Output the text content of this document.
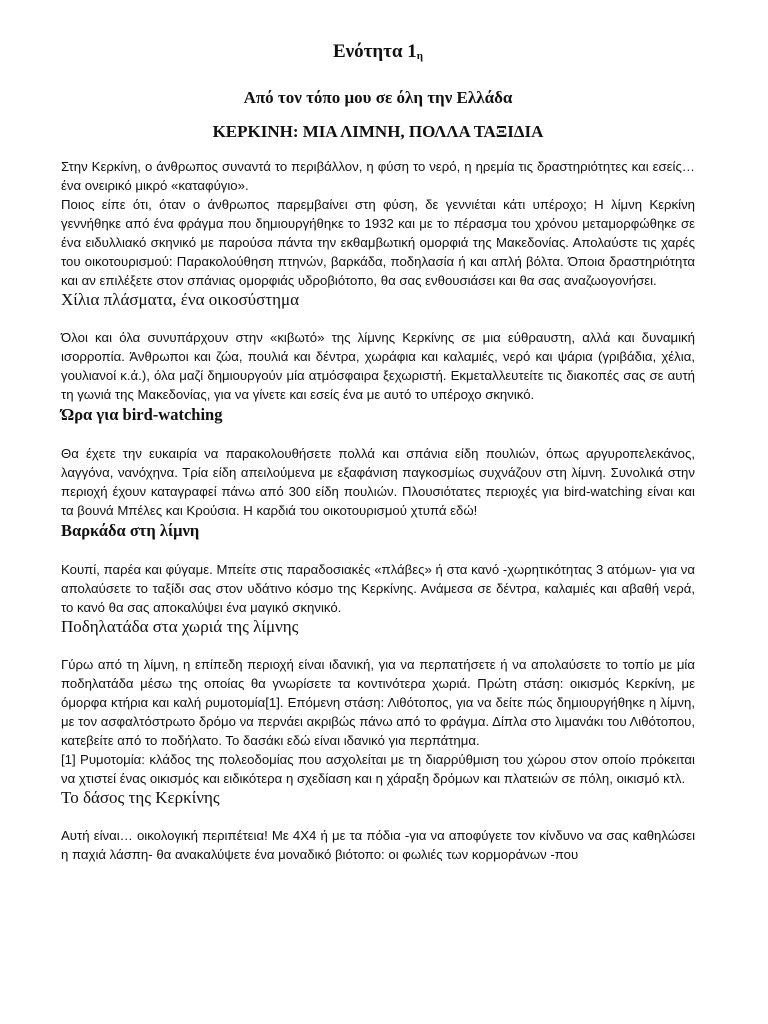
Ενότητα $1_\eta$
Από τον τόπο μου σε όλη την Ελλάδα
ΚΕΡΚΙΝΗ: ΜΙΑ ΛΙΜΝΗ, ΠΟΛΛΑ ΤΑΞΙΔΙΑ

Στην Κερκίνη, ο άνθρωπος συναντά το περιβάλλον, η φύση το νερό, η ηρεμία τις δραστηριότητες και εσείς… ένα ονειρικό μικρό «καταφύγιο».

Ποιος είπε ότι, όταν ο άνθρωπος παρεμβαίνει στη φύση, δε γεννιέται κάτι υπέροχο; Η λίμνη Κερκίνη γεννήθηκε από ένα φράγμα που δημιουργήθηκε το 1932 και με το πέρασμα του χρόνου μεταμορφώθηκε σε ένα ειδυλλιακό σκηνικό με παρούσα πάντα την εκθαμβωτική ομορφιά της Μακεδονίας. Απολαύστε τις χαρές του οικοτουρισμού: Παρακολούθηση πτηνών, βαρκάδα, ποδηλασία ή και απλή βόλτα. Όποια δραστηριότητα και αν επιλέξετε στον σπάνιας ομορφιάς υδροβιότοπο, θα σας ενθουσιάσει και θα σας αναζωογονήσει.

Χίλια πλάσματα, ένα οικοσύστημα

Όλοι και όλα συνυπάρχουν στην «κιβωτό» της λίμνης Κερκίνης σε μια εύθραυστη, αλλά και δυναμική ισορροπία. Άνθρωποι και ζώα, πουλιά και δέντρα, χωράφια και καλαμιές, νερό και ψάρια (γριβάδια, χέλια, γουλιανοί κ.ά.), όλα μαζί δημιουργούν μία ατμόσφαιρα ξεχωριστή. Εκμεταλλευτείτε τις διακοπές σας σε αυτή τη γωνιά της Μακεδονίας, για να γίνετε και εσείς ένα με αυτό το υπέροχο σκηνικό.

Ώρα για bird-watching

Θα έχετε την ευκαιρία να παρακολουθήσετε πολλά και σπάνια είδη πουλιών, όπως αργυροπελεκάνος, λαγγόνα, νανόχηνα. Τρία είδη απειλούμενα με εξαφάνιση παγκοσμίως συχνάζουν στη λίμνη. Συνολικά στην περιοχή έχουν καταγραφεί πάνω από 300 είδη πουλιών. Πλουσιότατες περιοχές για bird-watching είναι και τα βουνά Μπέλες και Κρούσια. Η καρδιά του οικοτουρισμού χτυπά εδώ!

Βαρκάδα στη λίμνη

Κουπί, παρέα και φύγαμε. Μπείτε στις παραδοσιακές «πλάβες» ή στα κανό -χωρητικότητας 3 ατόμων- για να απολαύσετε το ταξίδι σας στον υδάτινο κόσμο της Κερκίνης. Ανάμεσα σε δέντρα, καλαμιές και αβαθή νερά, το κανό θα σας αποκαλύψει ένα μαγικό σκηνικό.

Ποδηλατάδα στα χωριά της λίμνης

Γύρω από τη λίμνη, η επίπεδη περιοχή είναι ιδανική, για να περπατήσετε ή να απολαύσετε το τοπίο με μία ποδηλατάδα μέσω της οποίας θα γνωρίσετε τα κοντινότερα χωριά. Πρώτη στάση: οικισμός Κερκίνη, με όμορφα κτήρια και καλή ρυμοτομία[1]. Επόμενη στάση: Λιθότοπος, για να δείτε πώς δημιουργήθηκε η λίμνη, με τον ασφαλτόστρωτο δρόμο να περνάει ακριβώς πάνω από το φράγμα. Δίπλα στο λιμανάκι του Λιθότοπου, κατεβείτε από το ποδήλατο. Το δασάκι εδώ είναι ιδανικό για περπάτημα.

[1] Ρυμοτομία: κλάδος της πολεοδομίας που ασχολείται με τη διαρρύθμιση του χώρου στον οποίο πρόκειται να χτιστεί ένας οικισμός και ειδικότερα η σχεδίαση και η χάραξη δρόμων και πλατειών σε πόλη, οικισμό κτλ.

Το δάσος της Κερκίνης

Αυτή είναι… οικολογική περιπέτεια! Με 4Χ4 ή με τα πόδια -για να αποφύγετε τον κίνδυνο να σας καθηλώσει η παχιά λάσπη- θα ανακαλύψετε ένα μοναδικό βιότοπο: οι φωλιές των κορμοράνων -που
